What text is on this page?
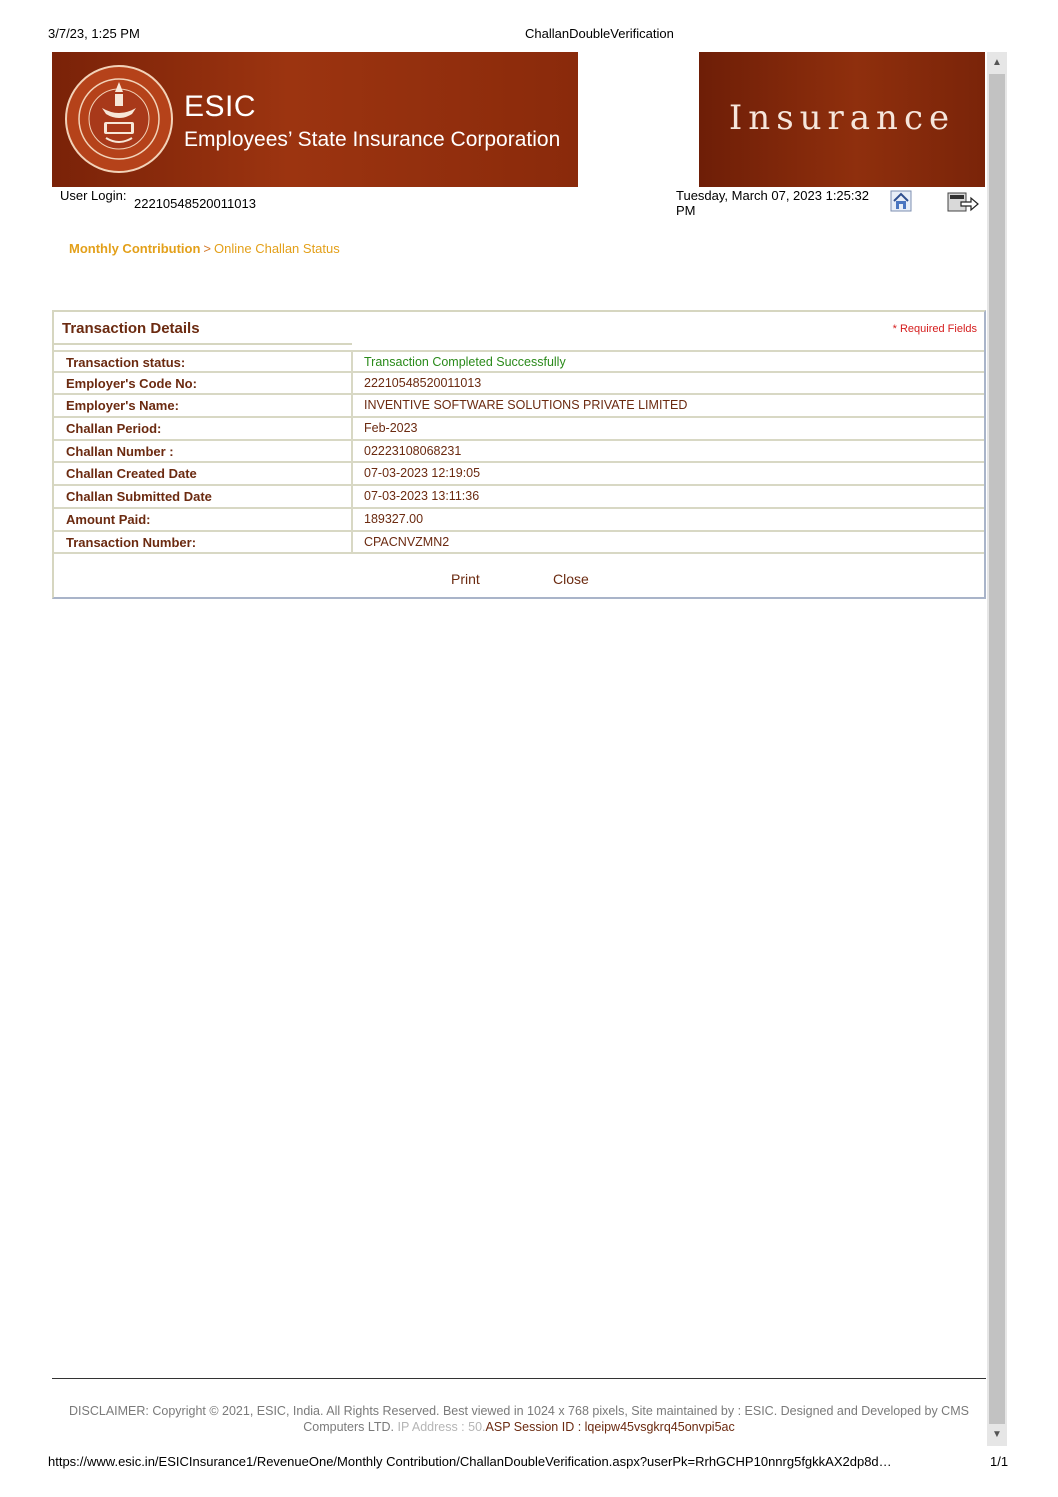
3/7/23, 1:25 PM	ChallanDoubleVerification
ESIC
Employees’ State Insurance Corporation
Insurance
▲
▼
User Login:
22210548520011013
Tuesday, March 07, 2023 1:25:32 PM
Monthly Contribution > Online Challan Status
Transaction Details	* Required Fields
Transaction status:	Transaction Completed Successfully
Employer's Code No:	22210548520011013
Employer's Name:	INVENTIVE SOFTWARE SOLUTIONS PRIVATE LIMITED
Challan Period:	Feb-2023
Challan Number :	02223108068231
Challan Created Date	07-03-2023 12:19:05
Challan Submitted Date	07-03-2023 13:11:36
Amount Paid:	189327.00
Transaction Number:	CPACNVZMN2
Print	Close
DISCLAIMER: Copyright © 2021, ESIC, India. All Rights Reserved. Best viewed in 1024 x 768 pixels, Site maintained by : ESIC. Designed and Developed by CMS Computers LTD. IP Address : 50.ASP Session ID : lqeipw45vsgkrq45onvpi5ac
https://www.esic.in/ESICInsurance1/RevenueOne/Monthly Contribution/ChallanDoubleVerification.aspx?userPk=RrhGCHP10nnrg5fgkkAX2dp8d…	1/1
